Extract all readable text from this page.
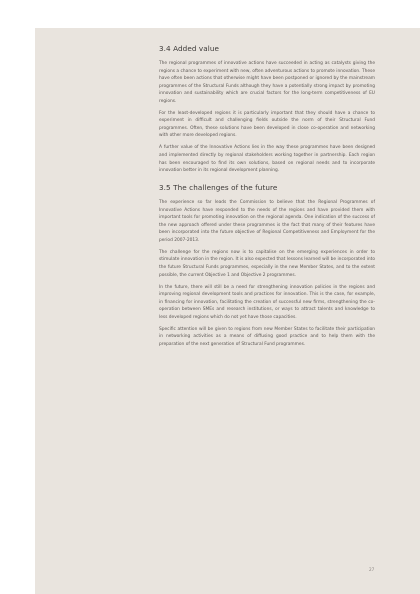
3.4 Added value

The regional programmes of innovative actions have succeeded in acting as catalysts giving the regions a chance to experiment with new, often adventurous actions to promote innovation. These have often been actions that otherwise might have been postponed or ignored by the mainstream programmes of the Structural Funds although they have a potentially strong impact by promoting innovation and sustainability which are crucial factors for the long-term competitiveness of EU regions.

For the least-developed regions it is particularly important that they should have a chance to experiment in difficult and challenging fields outside the norm of their Structural Fund programmes. Often, these solutions have been developed in close co-operation and networking with other more developed regions.

A further value of the Innovative Actions lies in the way these programmes have been designed and implemented directly by regional stakeholders working together in partnership. Each region has been encouraged to find its own solutions, based on regional needs and to incorporate innovation better in its regional development planning.

3.5 The challenges of the future

The experience so far leads the Commission to believe that the Regional Programmes of Innovative Actions have responded to the needs of the regions and have provided them with important tools for promoting innovation on the regional agenda. One indication of the success of the new approach offered under these programmes is the fact that many of their features have been incorporated into the future objective of Regional Competitiveness and Employment for the period 2007-2013.

The challenge for the regions now is to capitalise on the emerging experiences in order to stimulate innovation in the region. It is also expected that lessons learned will be incorporated into the future Structural Funds programmes, especially in the new Member States, and to the extent possible, the current Objective 1 and Objective 2 programmes.

In the future, there will still be a need for strengthening innovation policies in the regions and improving regional development tools and practices for innovation. This is the case, for example, in financing for innovation, facilitating the creation of successful new firms, strengthening the co-operation between SMEs and research institutions, or ways to attract talents and knowledge to less developed regions which do not yet have those capacities.

Specific attention will be given to regions from new Member States to facilitate their participation in networking activities as a means of diffusing good practice and to help them with the preparation of the next generation of Structural Fund programmes.

27
